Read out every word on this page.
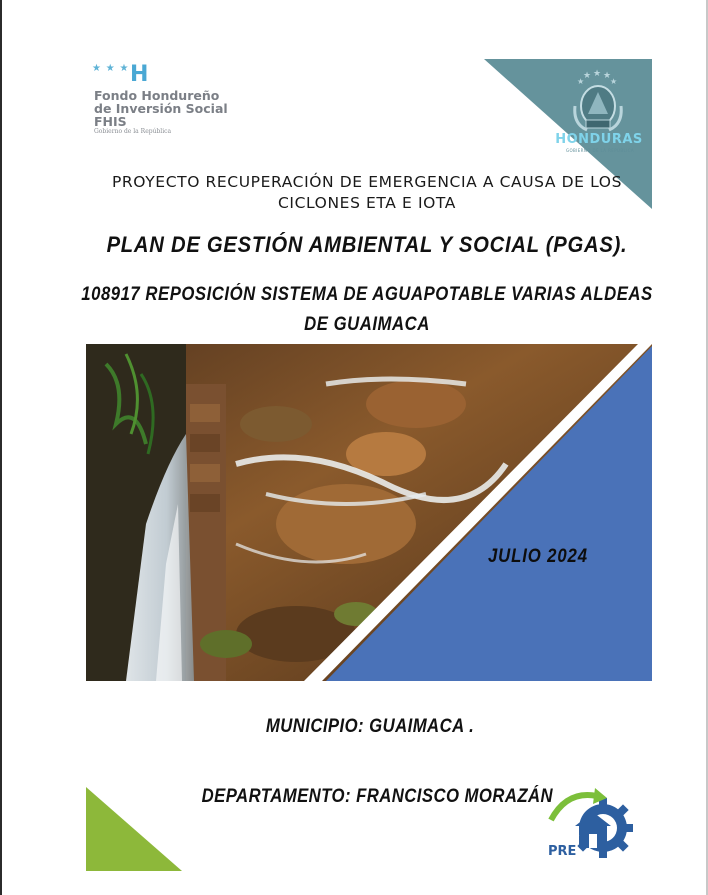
★ ★ ★ H
Fondo Hondureño
de Inversión Social
FHIS
Gobierno de la República
★ ★ ★
★	★
HONDURAS
GOBIERNO DE LA REPÚBLICA
PROYECTO RECUPERACIÓN DE EMERGENCIA A CAUSA DE LOS
CICLONES ETA E IOTA
PLAN DE GESTIÓN AMBIENTAL Y SOCIAL (PGAS).
108917 REPOSICIÓN SISTEMA DE AGUAPOTABLE VARIAS ALDEAS
DE GUAIMACA
JULIO 2024
MUNICIPIO: GUAIMACA .
DEPARTAMENTO: FRANCISCO MORAZÁN
★★
PRE
